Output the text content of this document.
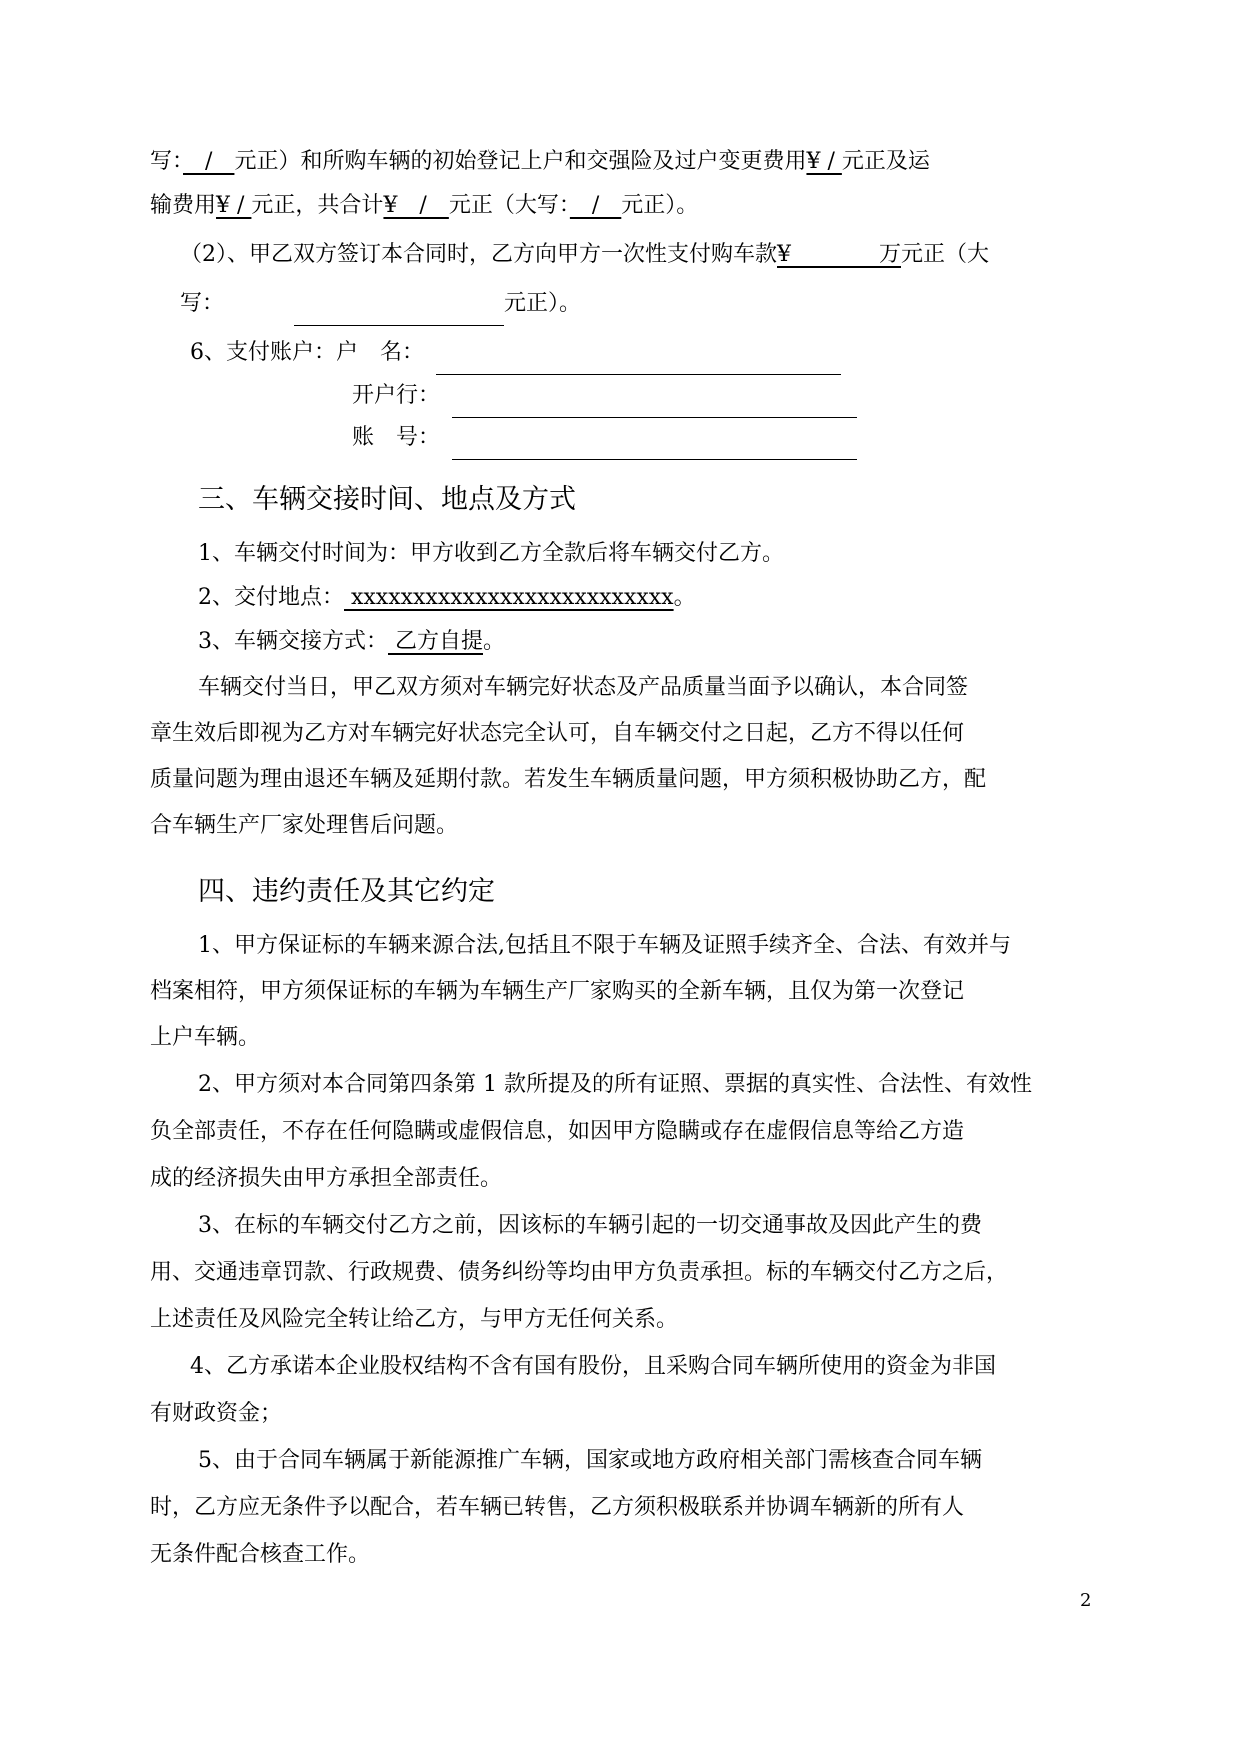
写：　/　元正）和所购车辆的初始登记上户和交强险及过户变更费用¥ / 元正及运
输费用¥ / 元正，共合计¥　/　元正（大写：　/　元正）。
（2）、甲乙双方签订本合同时，乙方向甲方一次性支付购车款¥　　　　万元正（大
写：	元正）。
6、支付账户：户　名：
开户行：
账　号：
三、车辆交接时间、地点及方式
1、车辆交付时间为：甲方收到乙方全款后将车辆交付乙方。
2、交付地点： xxxxxxxxxxxxxxxxxxxxxxxxxx。
3、车辆交接方式： 乙方自提。
车辆交付当日，甲乙双方须对车辆完好状态及产品质量当面予以确认，本合同签
章生效后即视为乙方对车辆完好状态完全认可，自车辆交付之日起，乙方不得以任何
质量问题为理由退还车辆及延期付款。若发生车辆质量问题，甲方须积极协助乙方，配
合车辆生产厂家处理售后问题。
四、违约责任及其它约定
1、甲方保证标的车辆来源合法,包括且不限于车辆及证照手续齐全、合法、有效并与
档案相符，甲方须保证标的车辆为车辆生产厂家购买的全新车辆，且仅为第一次登记
上户车辆。
2、甲方须对本合同第四条第 1 款所提及的所有证照、票据的真实性、合法性、有效性
负全部责任，不存在任何隐瞒或虚假信息，如因甲方隐瞒或存在虚假信息等给乙方造
成的经济损失由甲方承担全部责任。
3、在标的车辆交付乙方之前，因该标的车辆引起的一切交通事故及因此产生的费
用、交通违章罚款、行政规费、债务纠纷等均由甲方负责承担。标的车辆交付乙方之后，
上述责任及风险完全转让给乙方，与甲方无任何关系。
4、乙方承诺本企业股权结构不含有国有股份，且采购合同车辆所使用的资金为非国
有财政资金；
5、由于合同车辆属于新能源推广车辆，国家或地方政府相关部门需核查合同车辆
时，乙方应无条件予以配合，若车辆已转售，乙方须积极联系并协调车辆新的所有人
无条件配合核查工作。
2
